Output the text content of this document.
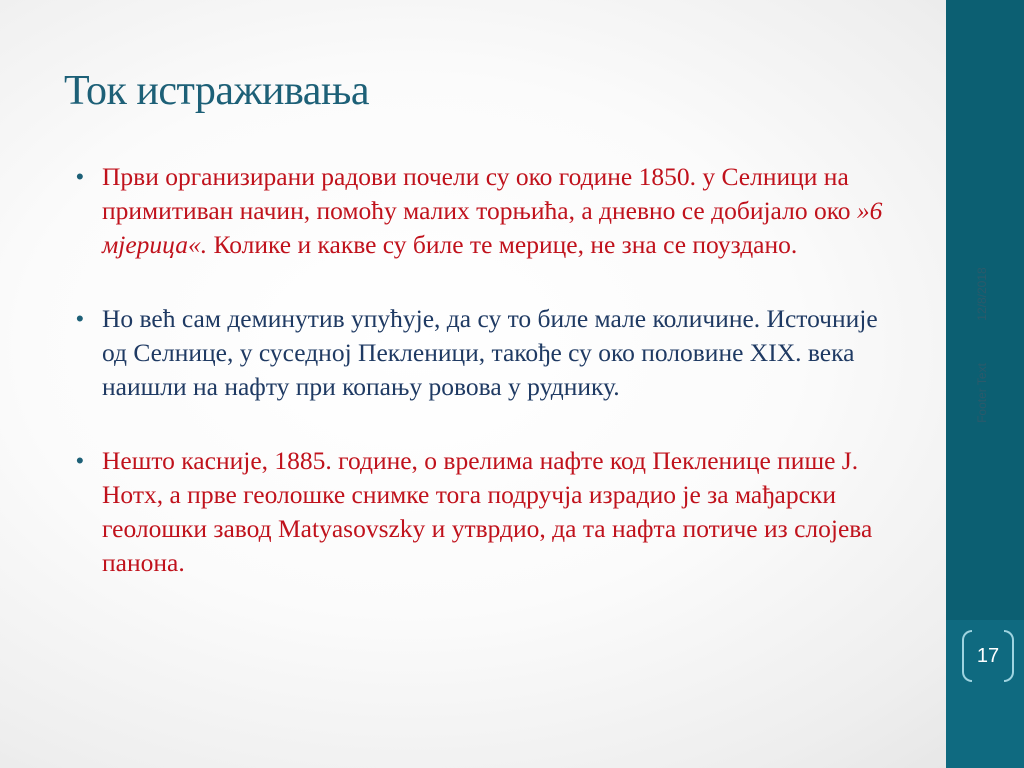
Ток истраживања
• Први организирани радови почели су око године 1850. у Селници на примитиван начин, помоћу малих торњића, а дневно се добијало око »6 мјерица«. Колике и какве су биле те мерице, не зна се поуздано.
• Но већ сам деминутив упућује, да су то биле мале количине. Источније од Селнице, у суседној Пекленици, такође су око половине ХIХ. века наишли на нафту при копању ровова у руднику.
• Нешто касније, 1885. године, о врелима нафте код Пекленице пише Ј. Нотх, а прве геолошке снимке тога подручја израдио је за мађарски геолошки завод Matyasovszky и утврдио, да та нафта потиче из слојева панона.
12/8/2018
Footer Text
17
